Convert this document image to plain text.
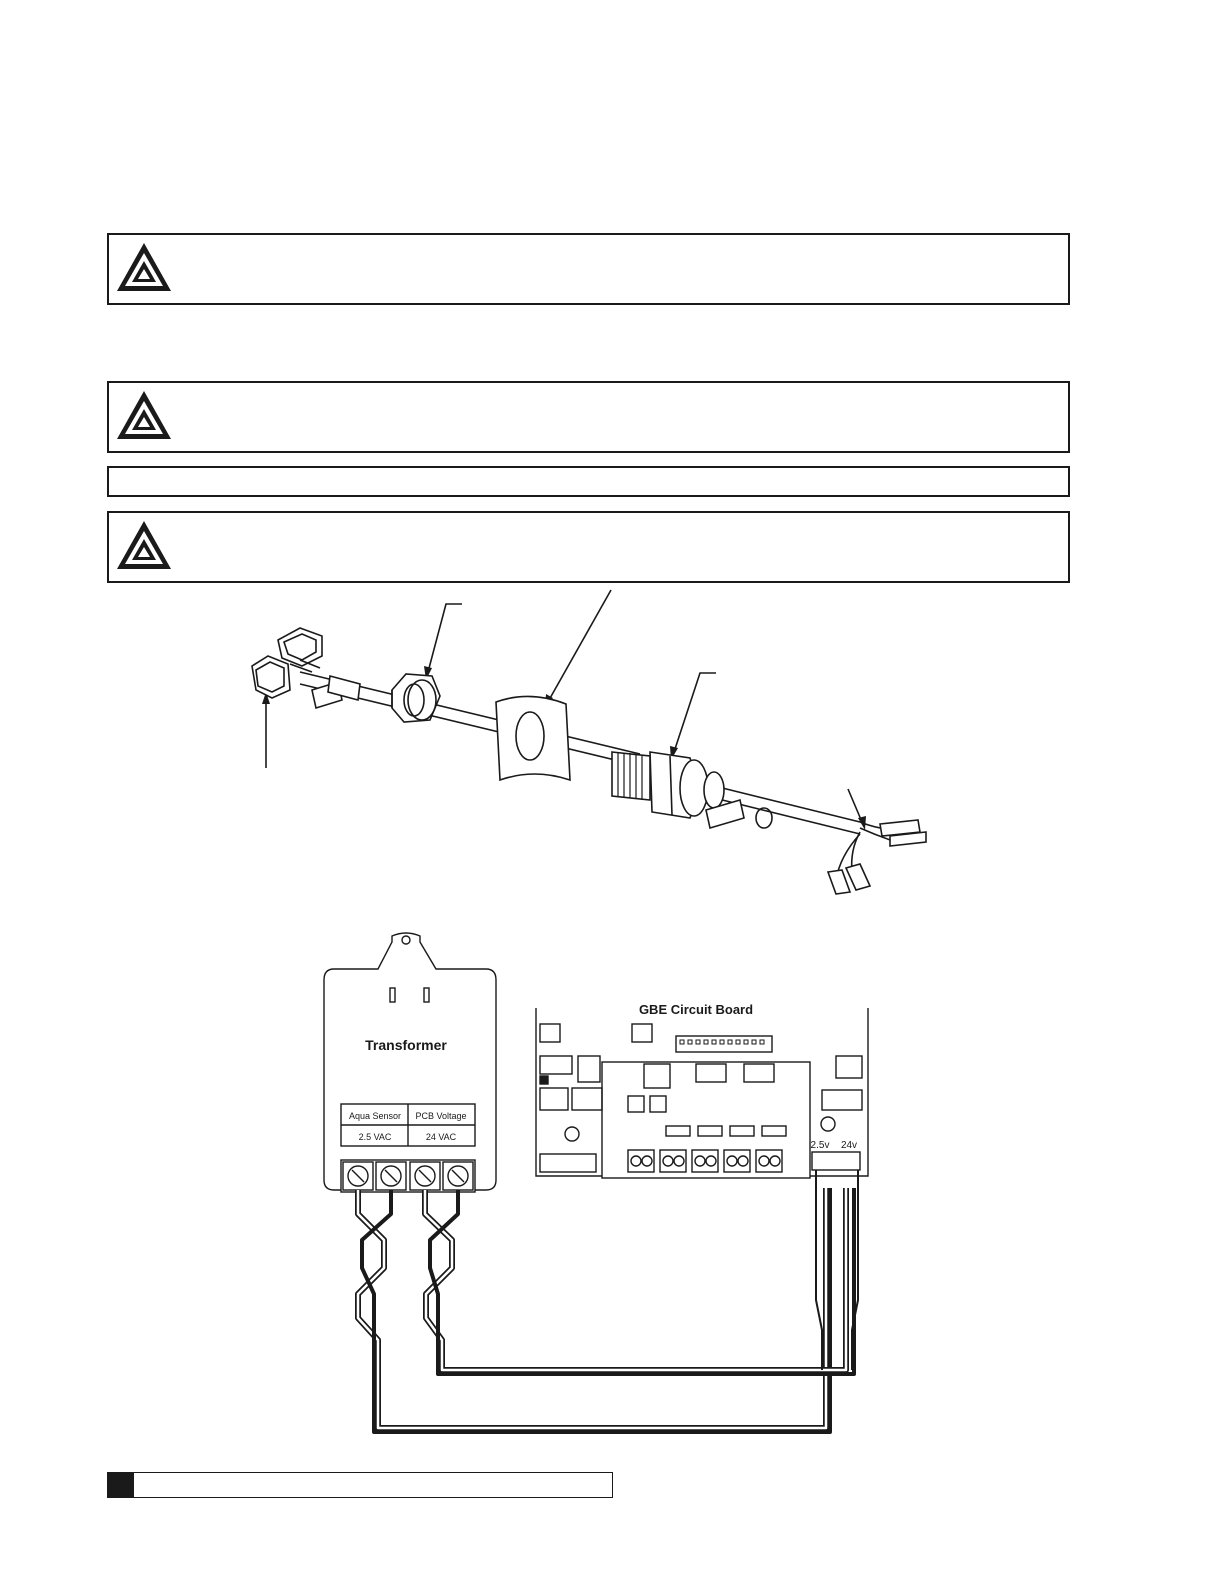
Transformer
Aqua Sensor
2.5 VAC
PCB Voltage
24 VAC
GBE Circuit Board
2.5v 24v
